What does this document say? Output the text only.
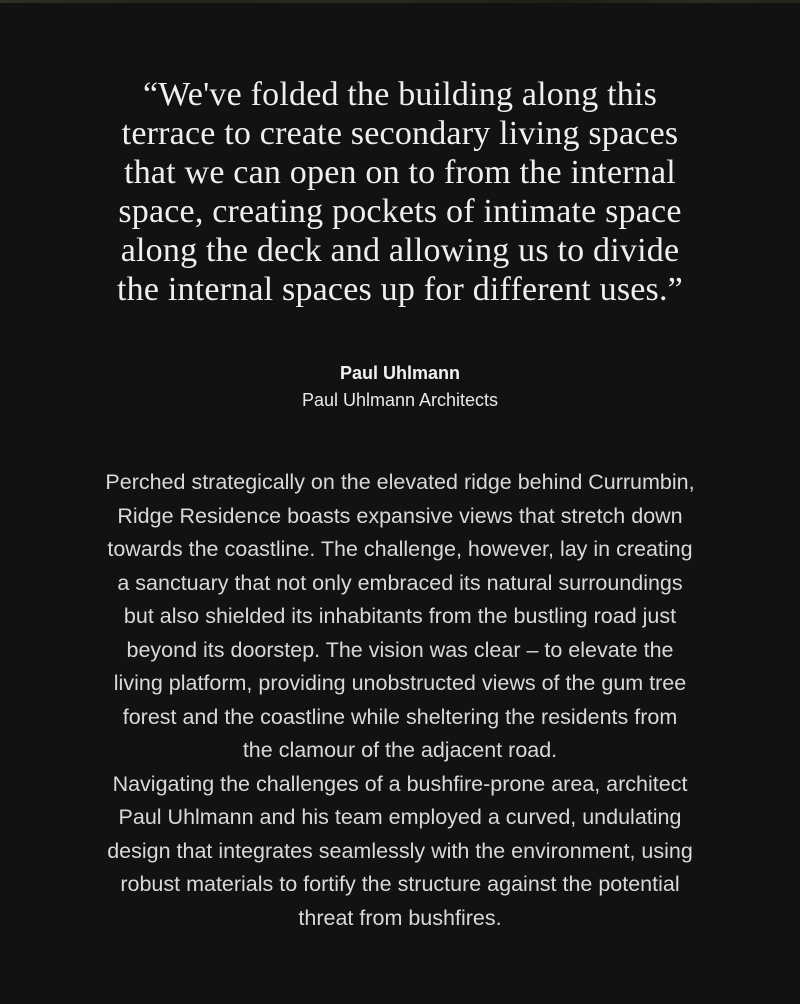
“We've folded the building along this
terrace to create secondary living spaces
that we can open on to from the internal
space, creating pockets of intimate space
along the deck and allowing us to divide
the internal spaces up for different uses.”
Paul Uhlmann
Paul Uhlmann Architects
Perched strategically on the elevated ridge behind Currumbin,
Ridge Residence boasts expansive views that stretch down
towards the coastline. The challenge, however, lay in creating
a sanctuary that not only embraced its natural surroundings
but also shielded its inhabitants from the bustling road just
beyond its doorstep. The vision was clear – to elevate the
living platform, providing unobstructed views of the gum tree
forest and the coastline while sheltering the residents from
the clamour of the adjacent road.
Navigating the challenges of a bushfire-prone area, architect
Paul Uhlmann and his team employed a curved, undulating
design that integrates seamlessly with the environment, using
robust materials to fortify the structure against the potential
threat from bushfires.
